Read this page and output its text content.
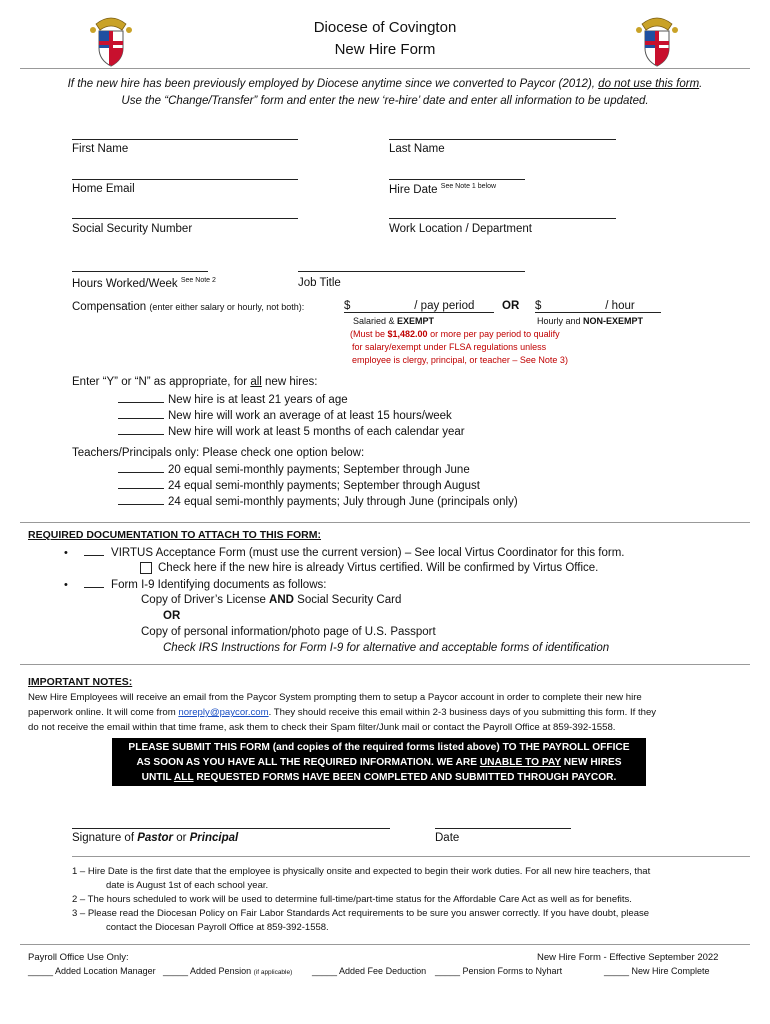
Diocese of Covington
New Hire Form
If the new hire has been previously employed by Diocese anytime since we converted to Paycor (2012), do not use this form.
Use the “Change/Transfer” form and enter the new ‘re-hire’ date and enter all information to be updated.
First Name	Last Name
Home Email	Hire Date $^{See Note 1 below}$
Social Security Number	Work Location / Department
Hours Worked/Week $^{See Note 2}$	Job Title
Compensation (enter either salary or hourly, not both):	$                    / pay period	OR $                    / hour
Salaried & EXEMPT	Hourly and NON-EXEMPT
(Must be $1,482.00 or more per pay period to qualify
for salary/exempt under FLSA regulations unless
employee is clergy, principal, or teacher – See Note 3)
Enter “Y” or “N” as appropriate, for all new hires:
New hire is at least 21 years of age
New hire will work an average of at least 15 hours/week
New hire will work at least 5 months of each calendar year
Teachers/Principals only: Please check one option below:
20 equal semi-monthly payments; September through June
24 equal semi-monthly payments; September through August
24 equal semi-monthly payments; July through June (principals only)
REQUIRED DOCUMENTATION TO ATTACH TO THIS FORM:
•	VIRTUS Acceptance Form (must use the current version) – See local Virtus Coordinator for this form.
Check here if the new hire is already Virtus certified. Will be confirmed by Virtus Office.
•	Form I-9 Identifying documents as follows:
Copy of Driver’s License AND Social Security Card
OR
Copy of personal information/photo page of U.S. Passport
Check IRS Instructions for Form I-9 for alternative and acceptable forms of identification
IMPORTANT NOTES:
New Hire Employees will receive an email from the Paycor System prompting them to setup a Paycor account in order to complete their new hire
paperwork online. It will come from noreply@paycor.com. They should receive this email within 2-3 business days of you submitting this form. If they
do not receive the email within that time frame, ask them to check their Spam filter/Junk mail or contact the Payroll Office at 859-392-1558.
PLEASE SUBMIT THIS FORM (and copies of the required forms listed above) TO THE PAYROLL OFFICE
AS SOON AS YOU HAVE ALL THE REQUIRED INFORMATION. WE ARE UNABLE TO PAY NEW HIRES
UNTIL ALL REQUESTED FORMS HAVE BEEN COMPLETED AND SUBMITTED THROUGH PAYCOR.
Signature of Pastor or Principal	Date
1 – Hire Date is the first date that the employee is physically onsite and expected to begin their work duties. For all new hire teachers, that
date is August 1st of each school year.
2 – The hours scheduled to work will be used to determine full-time/part-time status for the Affordable Care Act as well as for benefits.
3 – Please read the Diocesan Policy on Fair Labor Standards Act requirements to be sure you answer correctly. If you have doubt, please
contact the Diocesan Payroll Office at 859-392-1558.
Payroll Office Use Only:	New Hire Form - Effective September 2022
_____ Added Location Manager _____ Added Pension (if applicable) _____ Added Fee Deduction _____ Pension Forms to Nyhart	_____ New Hire Complete
